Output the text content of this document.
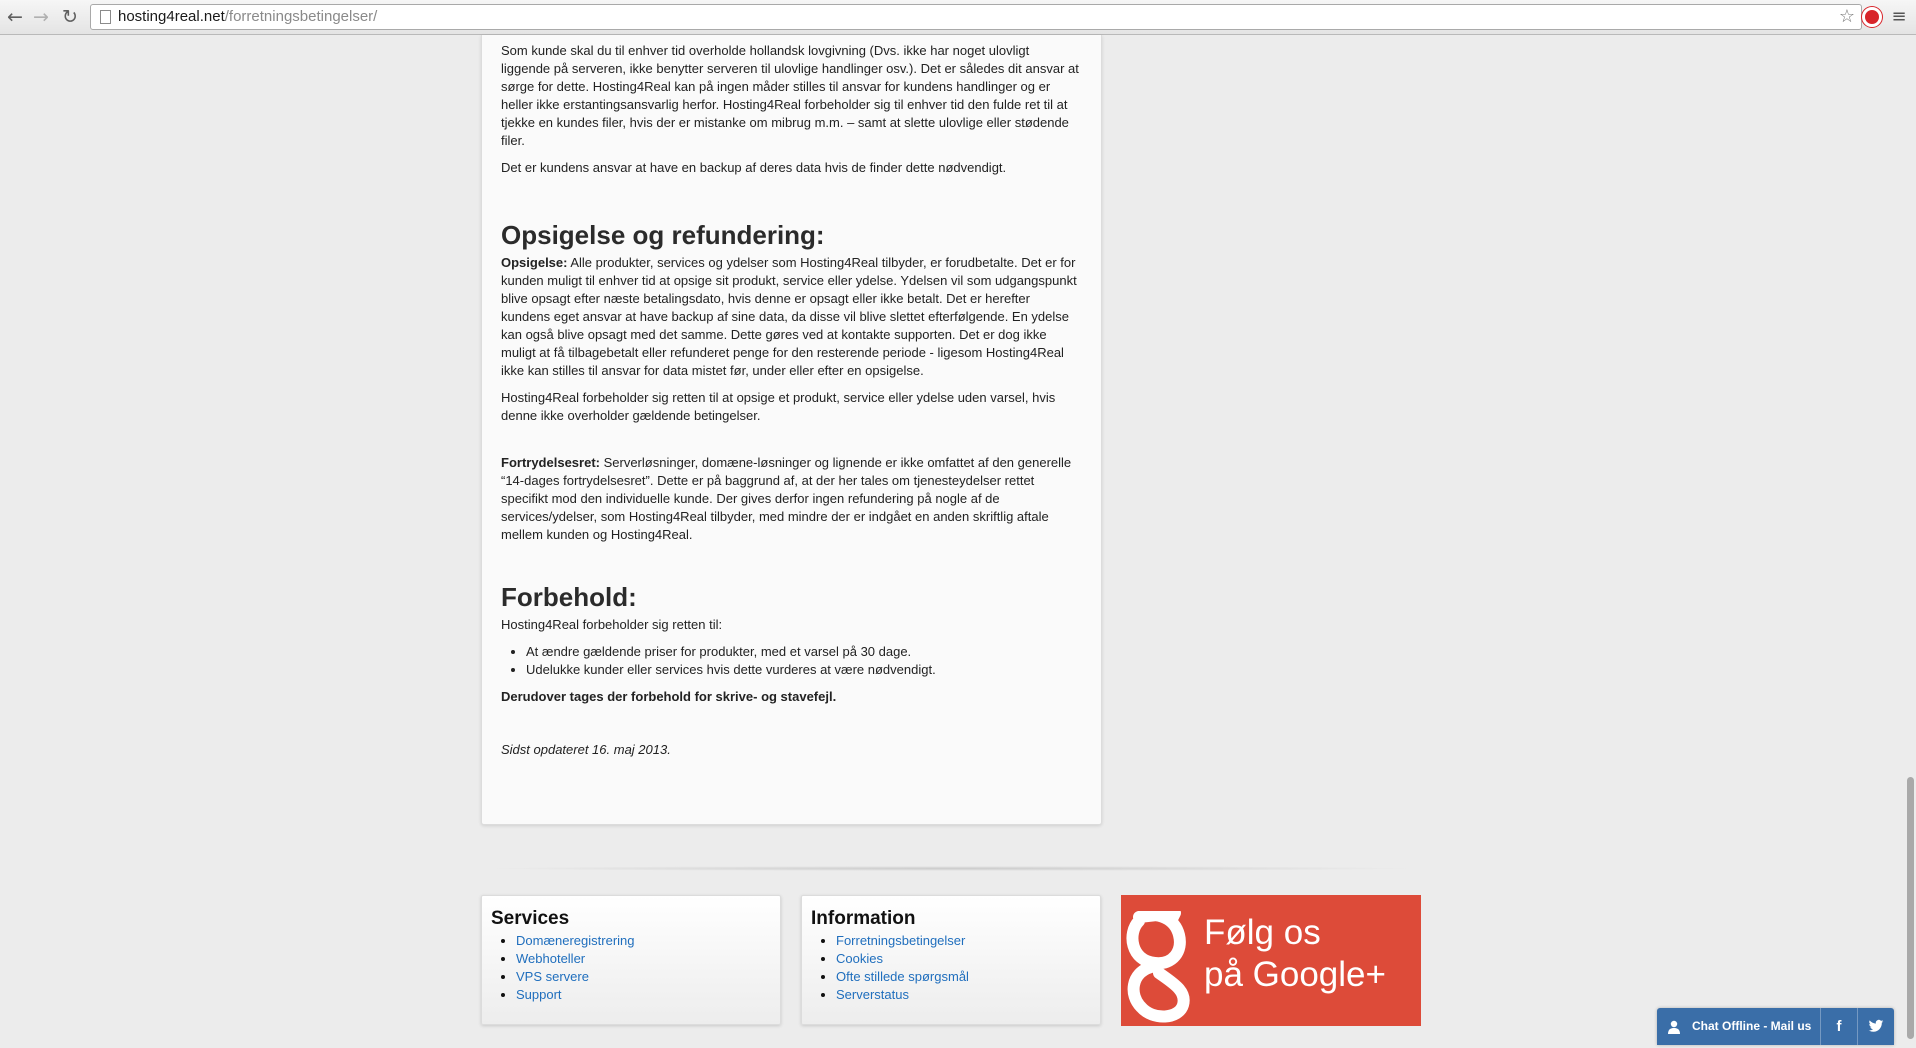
← → ↻	hosting4real.net/forretningsbetingelser/	☆ ≡

Som kunde skal du til enhver tid overholde hollandsk lovgivning (Dvs. ikke har noget ulovligt liggende på serveren, ikke benytter serveren til ulovlige handlinger osv.). Det er således dit ansvar at sørge for dette. Hosting4Real kan på ingen måder stilles til ansvar for kundens handlinger og er heller ikke erstantingsansvarlig herfor. Hosting4Real forbeholder sig til enhver tid den fulde ret til at tjekke en kundes filer, hvis der er mistanke om mibrug m.m. – samt at slette ulovlige eller stødende filer.

Det er kundens ansvar at have en backup af deres data hvis de finder dette nødvendigt.

Opsigelse og refundering:

Opsigelse: Alle produkter, services og ydelser som Hosting4Real tilbyder, er forudbetalte. Det er for kunden muligt til enhver tid at opsige sit produkt, service eller ydelse. Ydelsen vil som udgangspunkt blive opsagt efter næste betalingsdato, hvis denne er opsagt eller ikke betalt. Det er herefter kundens eget ansvar at have backup af sine data, da disse vil blive slettet efterfølgende. En ydelse kan også blive opsagt med det samme. Dette gøres ved at kontakte supporten. Det er dog ikke muligt at få tilbagebetalt eller refunderet penge for den resterende periode - ligesom Hosting4Real ikke kan stilles til ansvar for data mistet før, under eller efter en opsigelse.

Hosting4Real forbeholder sig retten til at opsige et produkt, service eller ydelse uden varsel, hvis denne ikke overholder gældende betingelser.

Fortrydelsesret: Serverløsninger, domæne-løsninger og lignende er ikke omfattet af den generelle “14-dages fortrydelsesret”. Dette er på baggrund af, at der her tales om tjenesteydelser rettet specifikt mod den individuelle kunde. Der gives derfor ingen refundering på nogle af de services/ydelser, som Hosting4Real tilbyder, med mindre der er indgået en anden skriftlig aftale mellem kunden og Hosting4Real.

Forbehold:

Hosting4Real forbeholder sig retten til:

• At ændre gældende priser for produkter, med et varsel på 30 dage.
• Udelukke kunder eller services hvis dette vurderes at være nødvendigt.

Derudover tages der forbehold for skrive- og stavefejl.

Sidst opdateret 16. maj 2013.

Services
• Domæneregistrering
• Webhoteller
• VPS servere
• Support
Information
• Forretningsbetingelser
• Cookies
• Ofte stillede spørgsmål
• Serverstatus
Følg os
på Google+
Chat Offline - Mail us	f
